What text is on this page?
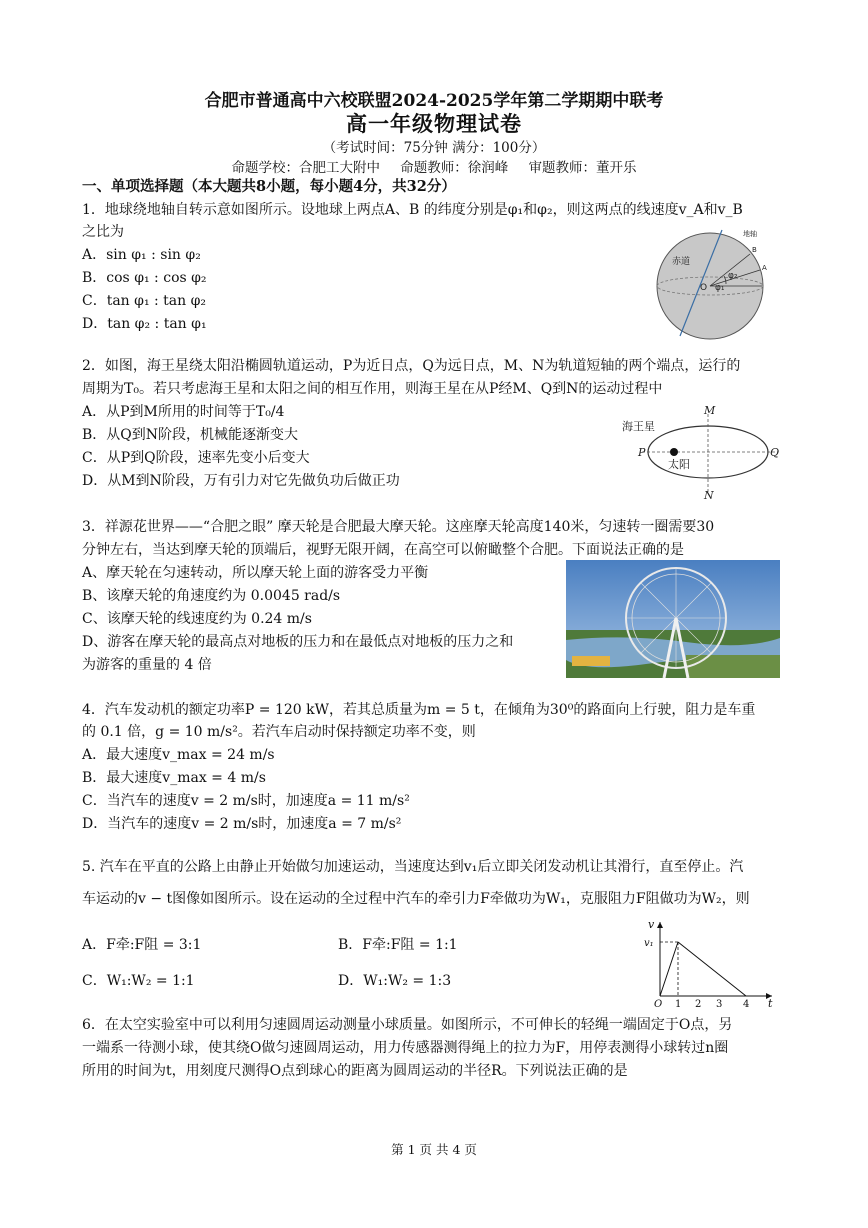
合肥市普通高中六校联盟2024-2025学年第二学期期中联考
高一年级物理试卷
（考试时间：75分钟 满分：100分）
命题学校：合肥工大附中 命题教师：徐润峰 审题教师：董开乐
一、单项选择题（本大题共8小题，每小题4分，共32分）
1．地球绕地轴自转示意如图所示。设地球上两点A、B 的纬度分别是φ₁和φ₂，则这两点的线速度v_A和v_B
之比为
A．sin φ₁ : sin φ₂
B．cos φ₁ : cos φ₂
C．tan φ₁ : tan φ₂
D．tan φ₂ : tan φ₁
赤道
地轴
O
A
B
φ₁
φ₂
2．如图，海王星绕太阳沿椭圆轨道运动，P为近日点，Q为远日点，M、N为轨道短轴的两个端点，运行的
周期为T₀。若只考虑海王星和太阳之间的相互作用，则海王星在从P经M、Q到N的运动过程中
A．从P到M所用的时间等于T₀/4
B．从Q到N阶段，机械能逐渐变大
C．从P到Q阶段，速率先变小后变大
D．从M到N阶段，万有引力对它先做负功后做正功
海王星
太阳
P	Q
M
N
3．祥源花世界——“合肥之眼” 摩天轮是合肥最大摩天轮。这座摩天轮高度140米，匀速转一圈需要30
分钟左右，当达到摩天轮的顶端后，视野无限开阔，在高空可以俯瞰整个合肥。下面说法正确的是
A、摩天轮在匀速转动，所以摩天轮上面的游客受力平衡
B、该摩天轮的角速度约为 0.0045 rad/s
C、该摩天轮的线速度约为 0.24 m/s
D、游客在摩天轮的最高点对地板的压力和在最低点对地板的压力之和
为游客的重量的 4 倍
4．汽车发动机的额定功率P = 120 kW，若其总质量为m = 5 t，在倾角为30⁰的路面向上行驶，阻力是车重
的 0.1 倍，g = 10 m/s²。若汽车启动时保持额定功率不变，则
A．最大速度v_max = 24 m/s
B．最大速度v_max = 4 m/s
C．当汽车的速度v = 2 m/s时，加速度a = 11 m/s²
D．当汽车的速度v = 2 m/s时，加速度a = 7 m/s²
5. 汽车在平直的公路上由静止开始做匀加速运动，当速度达到v₁后立即关闭发动机让其滑行，直至停止。汽
车运动的v − t图像如图所示。设在运动的全过程中汽车的牵引力F牵做功为W₁，克服阻力F阻做功为W₂，则
A．F牵:F阻 = 3:1	B．F牵:F阻 = 1:1
C．W₁:W₂ = 1:1	D．W₁:W₂ = 1:3
v
v₁
O 1 2 3 4 t
6．在太空实验室中可以利用匀速圆周运动测量小球质量。如图所示，不可伸长的轻绳一端固定于O点，另
一端系一待测小球，使其绕O做匀速圆周运动，用力传感器测得绳上的拉力为F，用停表测得小球转过n圈
所用的时间为t，用刻度尺测得O点到球心的距离为圆周运动的半径R。下列说法正确的是
第 1 页 共 4 页
